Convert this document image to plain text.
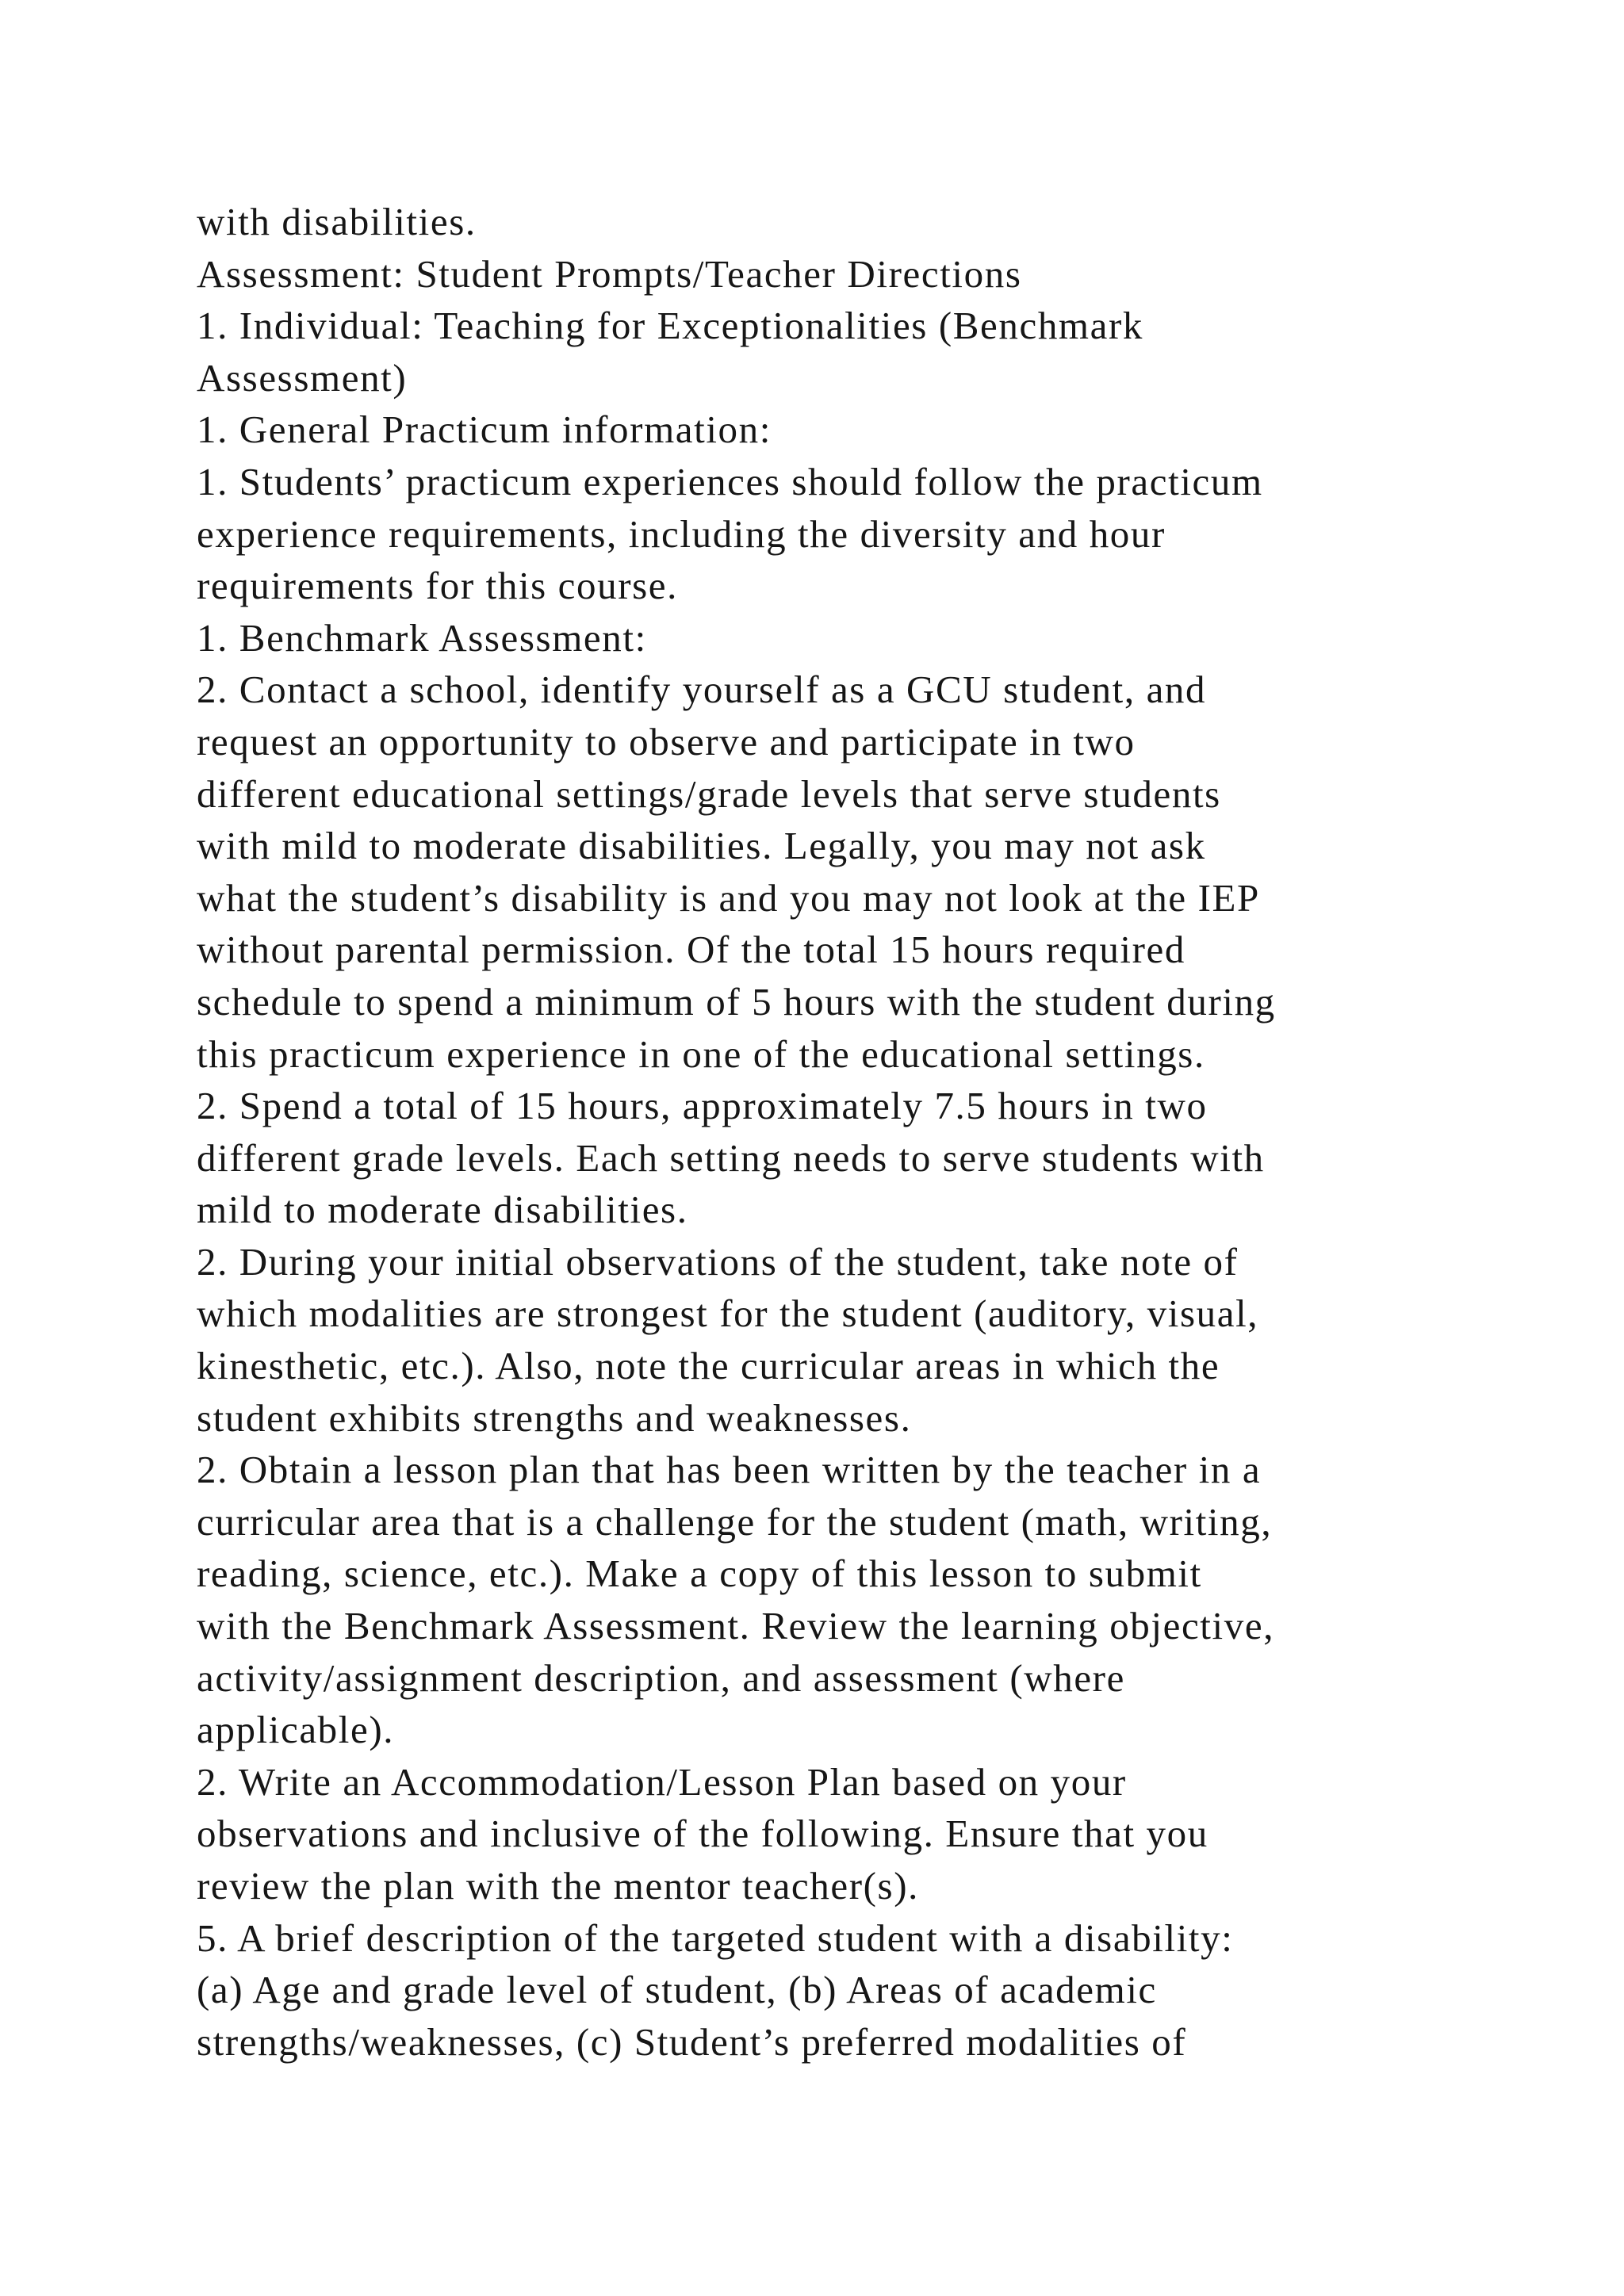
with disabilities.
Assessment: Student Prompts/Teacher Directions
1. Individual: Teaching for Exceptionalities (Benchmark
Assessment)
1. General Practicum information:
1. Students’ practicum experiences should follow the practicum
experience requirements, including the diversity and hour
requirements for this course.
1. Benchmark Assessment:
2. Contact a school, identify yourself as a GCU student, and
request an opportunity to observe and participate in two
different educational settings/grade levels that serve students
with mild to moderate disabilities. Legally, you may not ask
what the student’s disability is and you may not look at the IEP
without parental permission. Of the total 15 hours required
schedule to spend a minimum of 5 hours with the student during
this practicum experience in one of the educational settings.
2. Spend a total of 15 hours, approximately 7.5 hours in two
different grade levels. Each setting needs to serve students with
mild to moderate disabilities.
2. During your initial observations of the student, take note of
which modalities are strongest for the student (auditory, visual,
kinesthetic, etc.). Also, note the curricular areas in which the
student exhibits strengths and weaknesses.
2. Obtain a lesson plan that has been written by the teacher in a
curricular area that is a challenge for the student (math, writing,
reading, science, etc.). Make a copy of this lesson to submit
with the Benchmark Assessment. Review the learning objective,
activity/assignment description, and assessment (where
applicable).
2. Write an Accommodation/Lesson Plan based on your
observations and inclusive of the following. Ensure that you
review the plan with the mentor teacher(s).
5. A brief description of the targeted student with a disability:
(a) Age and grade level of student, (b) Areas of academic
strengths/weaknesses, (c) Student’s preferred modalities of
